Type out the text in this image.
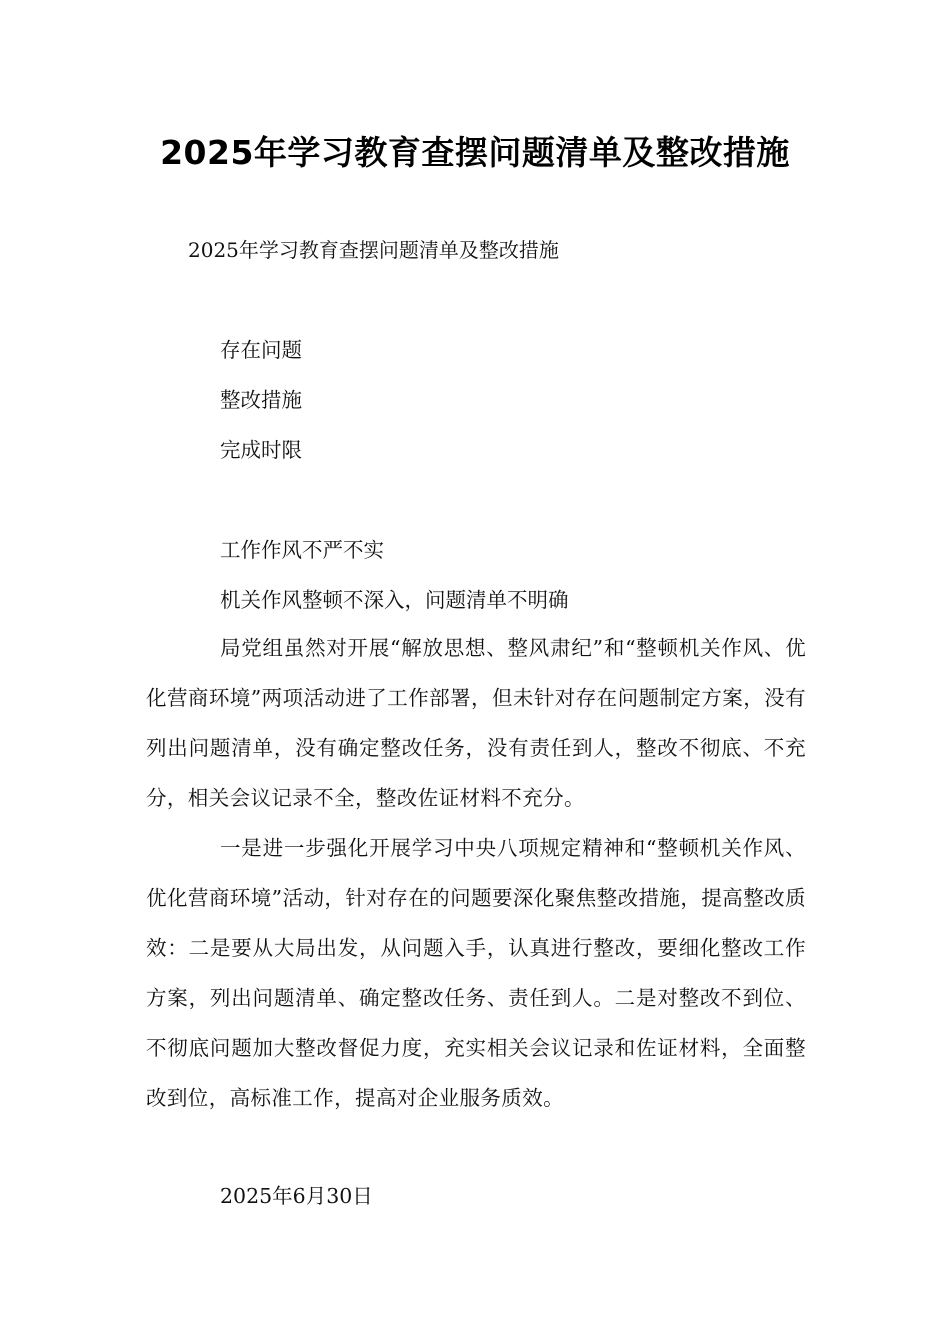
2025年学习教育查摆问题清单及整改措施
2025年学习教育查摆问题清单及整改措施
存在问题
整改措施
完成时限
工作作风不严不实
机关作风整顿不深入，问题清单不明确
局党组虽然对开展“解放思想、整风肃纪”和“整顿机关作风、优化营商环境”两项活动进了工作部署，但未针对存在问题制定方案，没有列出问题清单，没有确定整改任务，没有责任到人，整改不彻底、不充分，相关会议记录不全，整改佐证材料不充分。
一是进一步强化开展学习中央八项规定精神和“整顿机关作风、优化营商环境”活动，针对存在的问题要深化聚焦整改措施，提高整改质效：二是要从大局出发，从问题入手，认真进行整改，要细化整改工作方案，列出问题清单、确定整改任务、责任到人。二是对整改不到位、不彻底问题加大整改督促力度，充实相关会议记录和佐证材料，全面整改到位，高标准工作，提高对企业服务质效。
2025年6月30日
